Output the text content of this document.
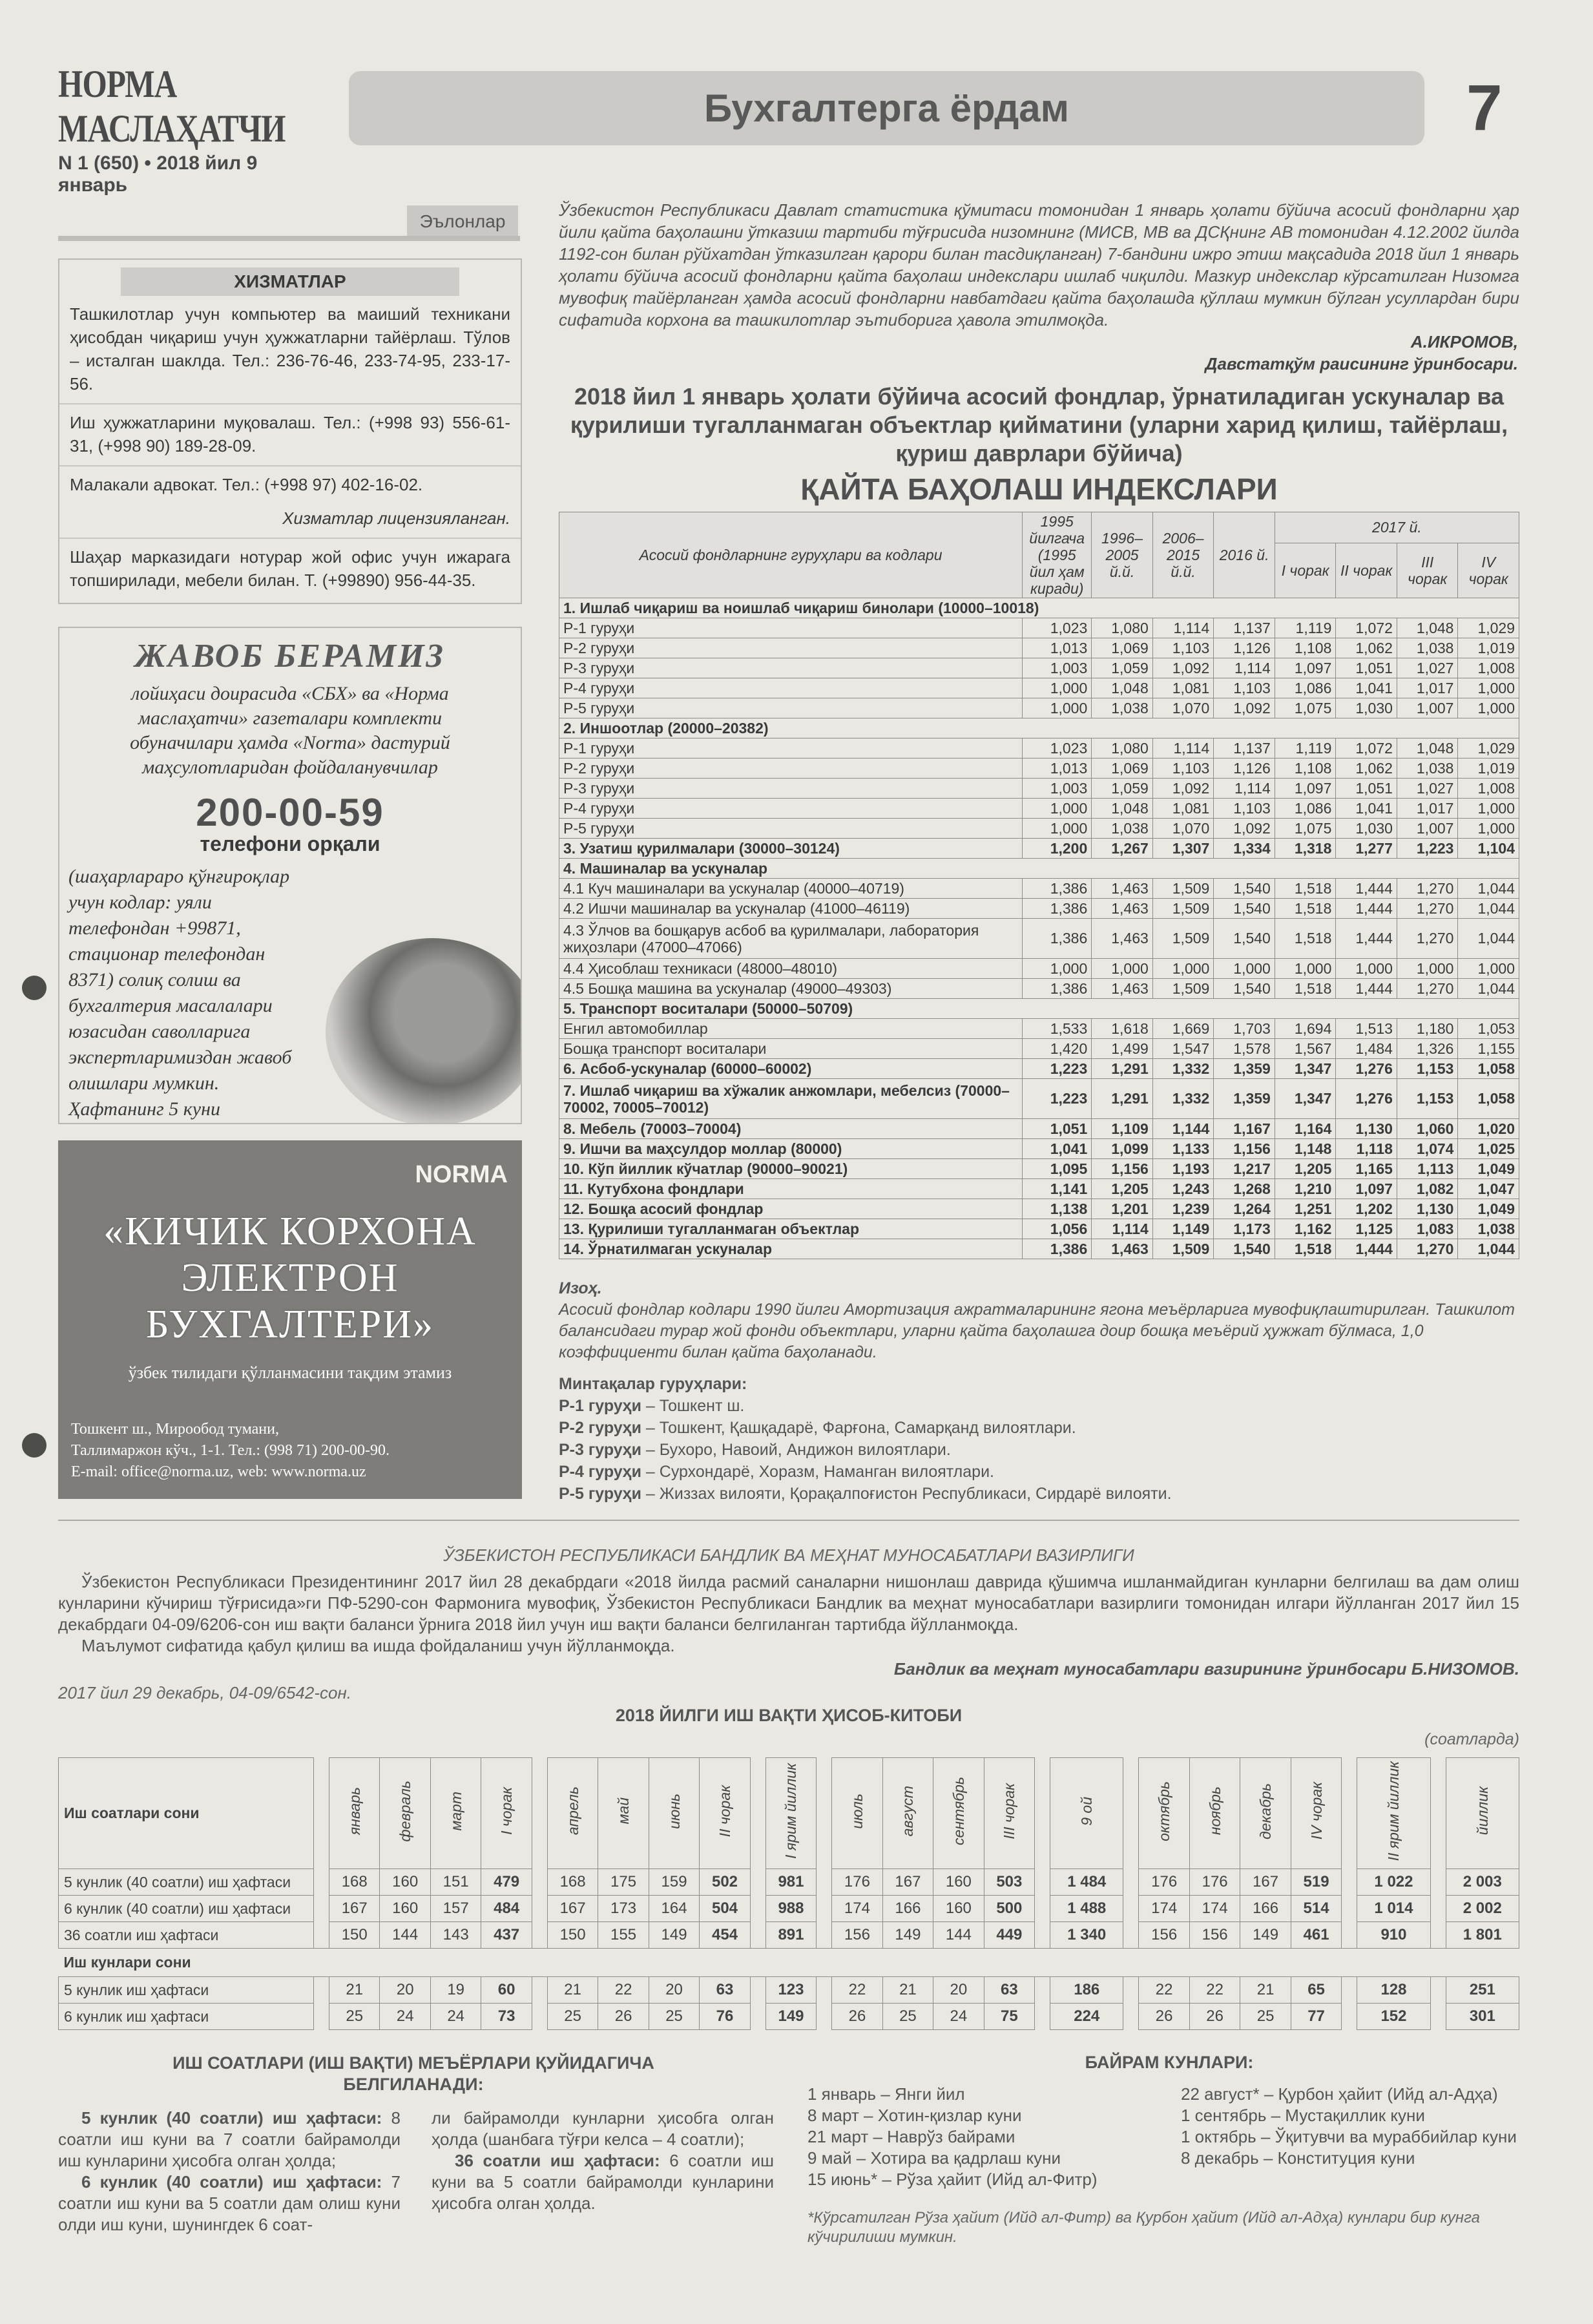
НОРМА МАСЛАҲАТЧИ
N 1 (650) • 2018 йил 9 январь
Бухгалтерга ёрдам	7
Эълонлар
ХИЗМАТЛАР
Ташкилотлар учун компьютер ва маиший техникани ҳисобдан чиқариш учун ҳужжатларни тайёрлаш. Тўлов – исталган шаклда. Тел.: 236-76-46, 233-74-95, 233-17-56.
Иш ҳужжатларини муқовалаш. Тел.: (+998 93) 556-61-31, (+998 90) 189-28-09.
Малакали адвокат. Тел.: (+998 97) 402-16-02.
Хизматлар лицензияланган.
Шаҳар марказидаги нотурар жой офис учун ижарага топширилади, мебели билан. Т. (+99890) 956-44-35.
ЖАВОБ БЕРАМИЗ
лойиҳаси доирасида «СБХ» ва «Норма маслаҳатчи» газеталари комплекти обуначилари ҳамда «Norma» дастурий маҳсулотларидан фойдаланувчилар
200-00-59
телефони орқали
(шаҳарлараро қўнғироқлар учун кодлар: уяли телефондан +99871, стационар телефондан 8371) солиқ солиш ва бухгалтерия масалалари юзасидан саволларига экспертларимиздан жавоб олишлари мумкин. Ҳафтанинг 5 куни
NORMA
«КИЧИК КОРХОНА ЭЛЕКТРОН БУХГАЛТЕРИ»
ўзбек тилидаги қўлланмасини тақдим этамиз
Тошкент ш., Мирообод тумани,
Таллимаржон кўч., 1-1. Тел.: (998 71) 200-00-90.
E-mail: office@norma.uz, web: www.norma.uz
Ўзбекистон Республикаси Давлат статистика қўмитаси томонидан 1 январь ҳолати бўйича асосий фондларни ҳар йили қайта баҳолашни ўтказиш тартиби тўғрисида низомнинг (МИСВ, МВ ва ДСҚнинг АВ томонидан 4.12.2002 йилда 1192-сон билан рўйхатдан ўтказилган қарори билан тасдиқланган) 7-бандини ижро этиш мақсадида 2018 йил 1 январь ҳолати бўйича асосий фондларни қайта баҳолаш индекслари ишлаб чиқилди. Мазкур индекслар кўрсатилган Низомга мувофиқ тайёрланган ҳамда асосий фондларни навбатдаги қайта баҳолашда қўллаш мумкин бўлган усуллардан бири сифатида корхона ва ташкилотлар эътиборига ҳавола этилмоқда.
А.ИКРОМОВ,
Давстатқўм раисининг ўринбосари.
2018 йил 1 январь ҳолати бўйича асосий фондлар, ўрнатиладиган ускуналар ва қурилиши тугалланмаган объектлар қийматини (уларни харид қилиш, тайёрлаш, қуриш даврлари бўйича)
ҚАЙТА БАҲОЛАШ ИНДЕКСЛАРИ
Асосий фондларнинг гуруҳлари ва кодлари	1995 йилгача (1995 йил ҳам киради)	1996–2005 й.й.	2006–2015 й.й.	2016 й.	2017 й.			
					I чорак	II чорак	III чорак	IV чорак
1. Ишлаб чиқариш ва ноишлаб чиқариш бинолари (10000–10018)								
Р-1 гуруҳи	1,023	1,080	1,114	1,137	1,119	1,072	1,048	1,029
Р-2 гуруҳи	1,013	1,069	1,103	1,126	1,108	1,062	1,038	1,019
Р-3 гуруҳи	1,003	1,059	1,092	1,114	1,097	1,051	1,027	1,008
Р-4 гуруҳи	1,000	1,048	1,081	1,103	1,086	1,041	1,017	1,000
Р-5 гуруҳи	1,000	1,038	1,070	1,092	1,075	1,030	1,007	1,000
2. Иншоотлар (20000–20382)								
Р-1 гуруҳи	1,023	1,080	1,114	1,137	1,119	1,072	1,048	1,029
Р-2 гуруҳи	1,013	1,069	1,103	1,126	1,108	1,062	1,038	1,019
Р-3 гуруҳи	1,003	1,059	1,092	1,114	1,097	1,051	1,027	1,008
Р-4 гуруҳи	1,000	1,048	1,081	1,103	1,086	1,041	1,017	1,000
Р-5 гуруҳи	1,000	1,038	1,070	1,092	1,075	1,030	1,007	1,000
3. Узатиш қурилмалари (30000–30124)	1,200	1,267	1,307	1,334	1,318	1,277	1,223	1,104
4. Машиналар ва ускуналар								
4.1 Куч машиналари ва ускуналар (40000–40719)	1,386	1,463	1,509	1,540	1,518	1,444	1,270	1,044
4.2 Ишчи машиналар ва ускуналар (41000–46119)	1,386	1,463	1,509	1,540	1,518	1,444	1,270	1,044
4.3 Ўлчов ва бошқарув асбоб ва қурилмалари, лаборатория жиҳозлари (47000–47066)	1,386	1,463	1,509	1,540	1,518	1,444	1,270	1,044
4.4 Ҳисоблаш техникаси (48000–48010)	1,000	1,000	1,000	1,000	1,000	1,000	1,000	1,000
4.5 Бошқа машина ва ускуналар (49000–49303)	1,386	1,463	1,509	1,540	1,518	1,444	1,270	1,044
5. Транспорт воситалари (50000–50709)								
Енгил автомобиллар	1,533	1,618	1,669	1,703	1,694	1,513	1,180	1,053
Бошқа транспорт воситалари	1,420	1,499	1,547	1,578	1,567	1,484	1,326	1,155
6. Асбоб-ускуналар (60000–60002)	1,223	1,291	1,332	1,359	1,347	1,276	1,153	1,058
7. Ишлаб чиқариш ва хўжалик анжомлари, мебелсиз (70000–70002, 70005–70012)	1,223	1,291	1,332	1,359	1,347	1,276	1,153	1,058
8. Мебель (70003–70004)	1,051	1,109	1,144	1,167	1,164	1,130	1,060	1,020
9. Ишчи ва маҳсулдор моллар (80000)	1,041	1,099	1,133	1,156	1,148	1,118	1,074	1,025
10. Кўп йиллик кўчатлар (90000–90021)	1,095	1,156	1,193	1,217	1,205	1,165	1,113	1,049
11. Кутубхона фондлари	1,141	1,205	1,243	1,268	1,210	1,097	1,082	1,047
12. Бошқа асосий фондлар	1,138	1,201	1,239	1,264	1,251	1,202	1,130	1,049
13. Қурилиши тугалланмаган объектлар	1,056	1,114	1,149	1,173	1,162	1,125	1,083	1,038
14. Ўрнатилмаган ускуналар	1,386	1,463	1,509	1,540	1,518	1,444	1,270	1,044
Изоҳ.
Асосий фондлар кодлари 1990 йилги Амортизация ажратмаларининг ягона меъёрларига мувофиқлаштирилган. Ташкилот балансидаги турар жой фонди объектлари, уларни қайта баҳолашга доир бошқа меъёрий ҳужжат бўлмаса, 1,0 коэффициенти билан қайта баҳоланади.
Минтақалар гуруҳлари:
Р-1 гуруҳи – Тошкент ш.
Р-2 гуруҳи – Тошкент, Қашқадарё, Фарғона, Самарқанд вилоятлари.
Р-3 гуруҳи – Бухоро, Навоий, Андижон вилоятлари.
Р-4 гуруҳи – Сурхондарё, Хоразм, Наманган вилоятлари.
Р-5 гуруҳи – Жиззах вилояти, Қорақалпоғистон Республикаси, Сирдарё вилояти.
ЎЗБЕКИСТОН РЕСПУБЛИКАСИ БАНДЛИК ВА МЕҲНАТ МУНОСАБАТЛАРИ ВАЗИРЛИГИ

Ўзбекистон Республикаси Президентининг 2017 йил 28 декабрдаги «2018 йилда расмий саналарни нишонлаш даврида қўшимча ишланмайдиган кунларни белгилаш ва дам олиш кунларини кўчириш тўғрисида»ги ПФ-5290-сон Фармонига мувофиқ, Ўзбекистон Республикаси Бандлик ва меҳнат муносабатлари вазирлиги томонидан илгари йўлланган 2017 йил 15 декабрдаги 04-09/6206-сон иш вақти баланси ўрнига 2018 йил учун иш вақти баланси белгиланган тартибда йўлланмоқда.

Маълумот сифатида қабул қилиш ва ишда фойдаланиш учун йўлланмоқда.

Бандлик ва меҳнат муносабатлари вазирининг ўринбосари Б.НИЗОМОВ.
2017 йил 29 декабрь, 04-09/6542-сон.
2018 ЙИЛГИ ИШ ВАҚТИ ҲИСОБ-КИТОБИ
(соатларда)
Иш соатлари сони		январь	февраль	март	I чорак		апрель	май	июнь	II чорак		I ярим йиллик		июль	август	сентябрь	III чорак		9 ой		октябрь	ноябрь	декабрь	IV чорак		II ярим йиллик		йиллик
5 кунлик (40 соатли) иш ҳафтаси		168	160	151	479		168	175	159	502		981		176	167	160	503		1 484		176	176	167	519		1 022		2 003
6 кунлик (40 соатли) иш ҳафтаси		167	160	157	484		167	173	164	504		988		174	166	160	500		1 488		174	174	166	514		1 014		2 002
36 соатли иш ҳафтаси		150	144	143	437		150	155	149	454		891		156	149	144	449		1 340		156	156	149	461		910		1 801
Иш кунлари сони																												
5 кунлик иш ҳафтаси		21	20	19	60		21	22	20	63		123		22	21	20	63		186		22	22	21	65		128		251
6 кунлик иш ҳафтаси		25	24	24	73		25	26	25	76		149		26	25	24	75		224		26	26	25	77		152		301
ИШ СОАТЛАРИ (ИШ ВАҚТИ) МЕЪЁРЛАРИ ҚУЙИДАГИЧА БЕЛГИЛАНАДИ:
5 кунлик (40 соатли) иш ҳафтаси: 8 соатли иш куни ва 7 соатли байрамолди иш кунларини ҳисобга олган ҳолда;
6 кунлик (40 соатли) иш ҳафтаси: 7 соатли иш куни ва 5 соатли дам олиш куни олди иш куни, шунингдек 6 соат-
ли байрамолди кунларни ҳисобга олган ҳолда (шанбага тўғри келса – 4 соатли);
36 соатли иш ҳафтаси: 6 соатли иш куни ва 5 соатли байрамолди кунларини ҳисобга олган ҳолда.
БАЙРАМ КУНЛАРИ:
1 январь – Янги йил
8 март – Хотин-қизлар куни
21 март – Наврўз байрами
9 май – Хотира ва қадрлаш куни
15 июнь* – Рўза ҳайит (Ийд ал-Фитр)
22 август* – Қурбон ҳайит (Ийд ал-Адҳа)
1 сентябрь – Мустақиллик куни
1 октябрь – Ўқитувчи ва мураббийлар куни
8 декабрь – Конституция куни
*Кўрсатилган Рўза ҳайит (Ийд ал-Фитр) ва Қурбон ҳайит (Ийд ал-Адҳа) кунлари бир кунга кўчирилиши мумкин.
